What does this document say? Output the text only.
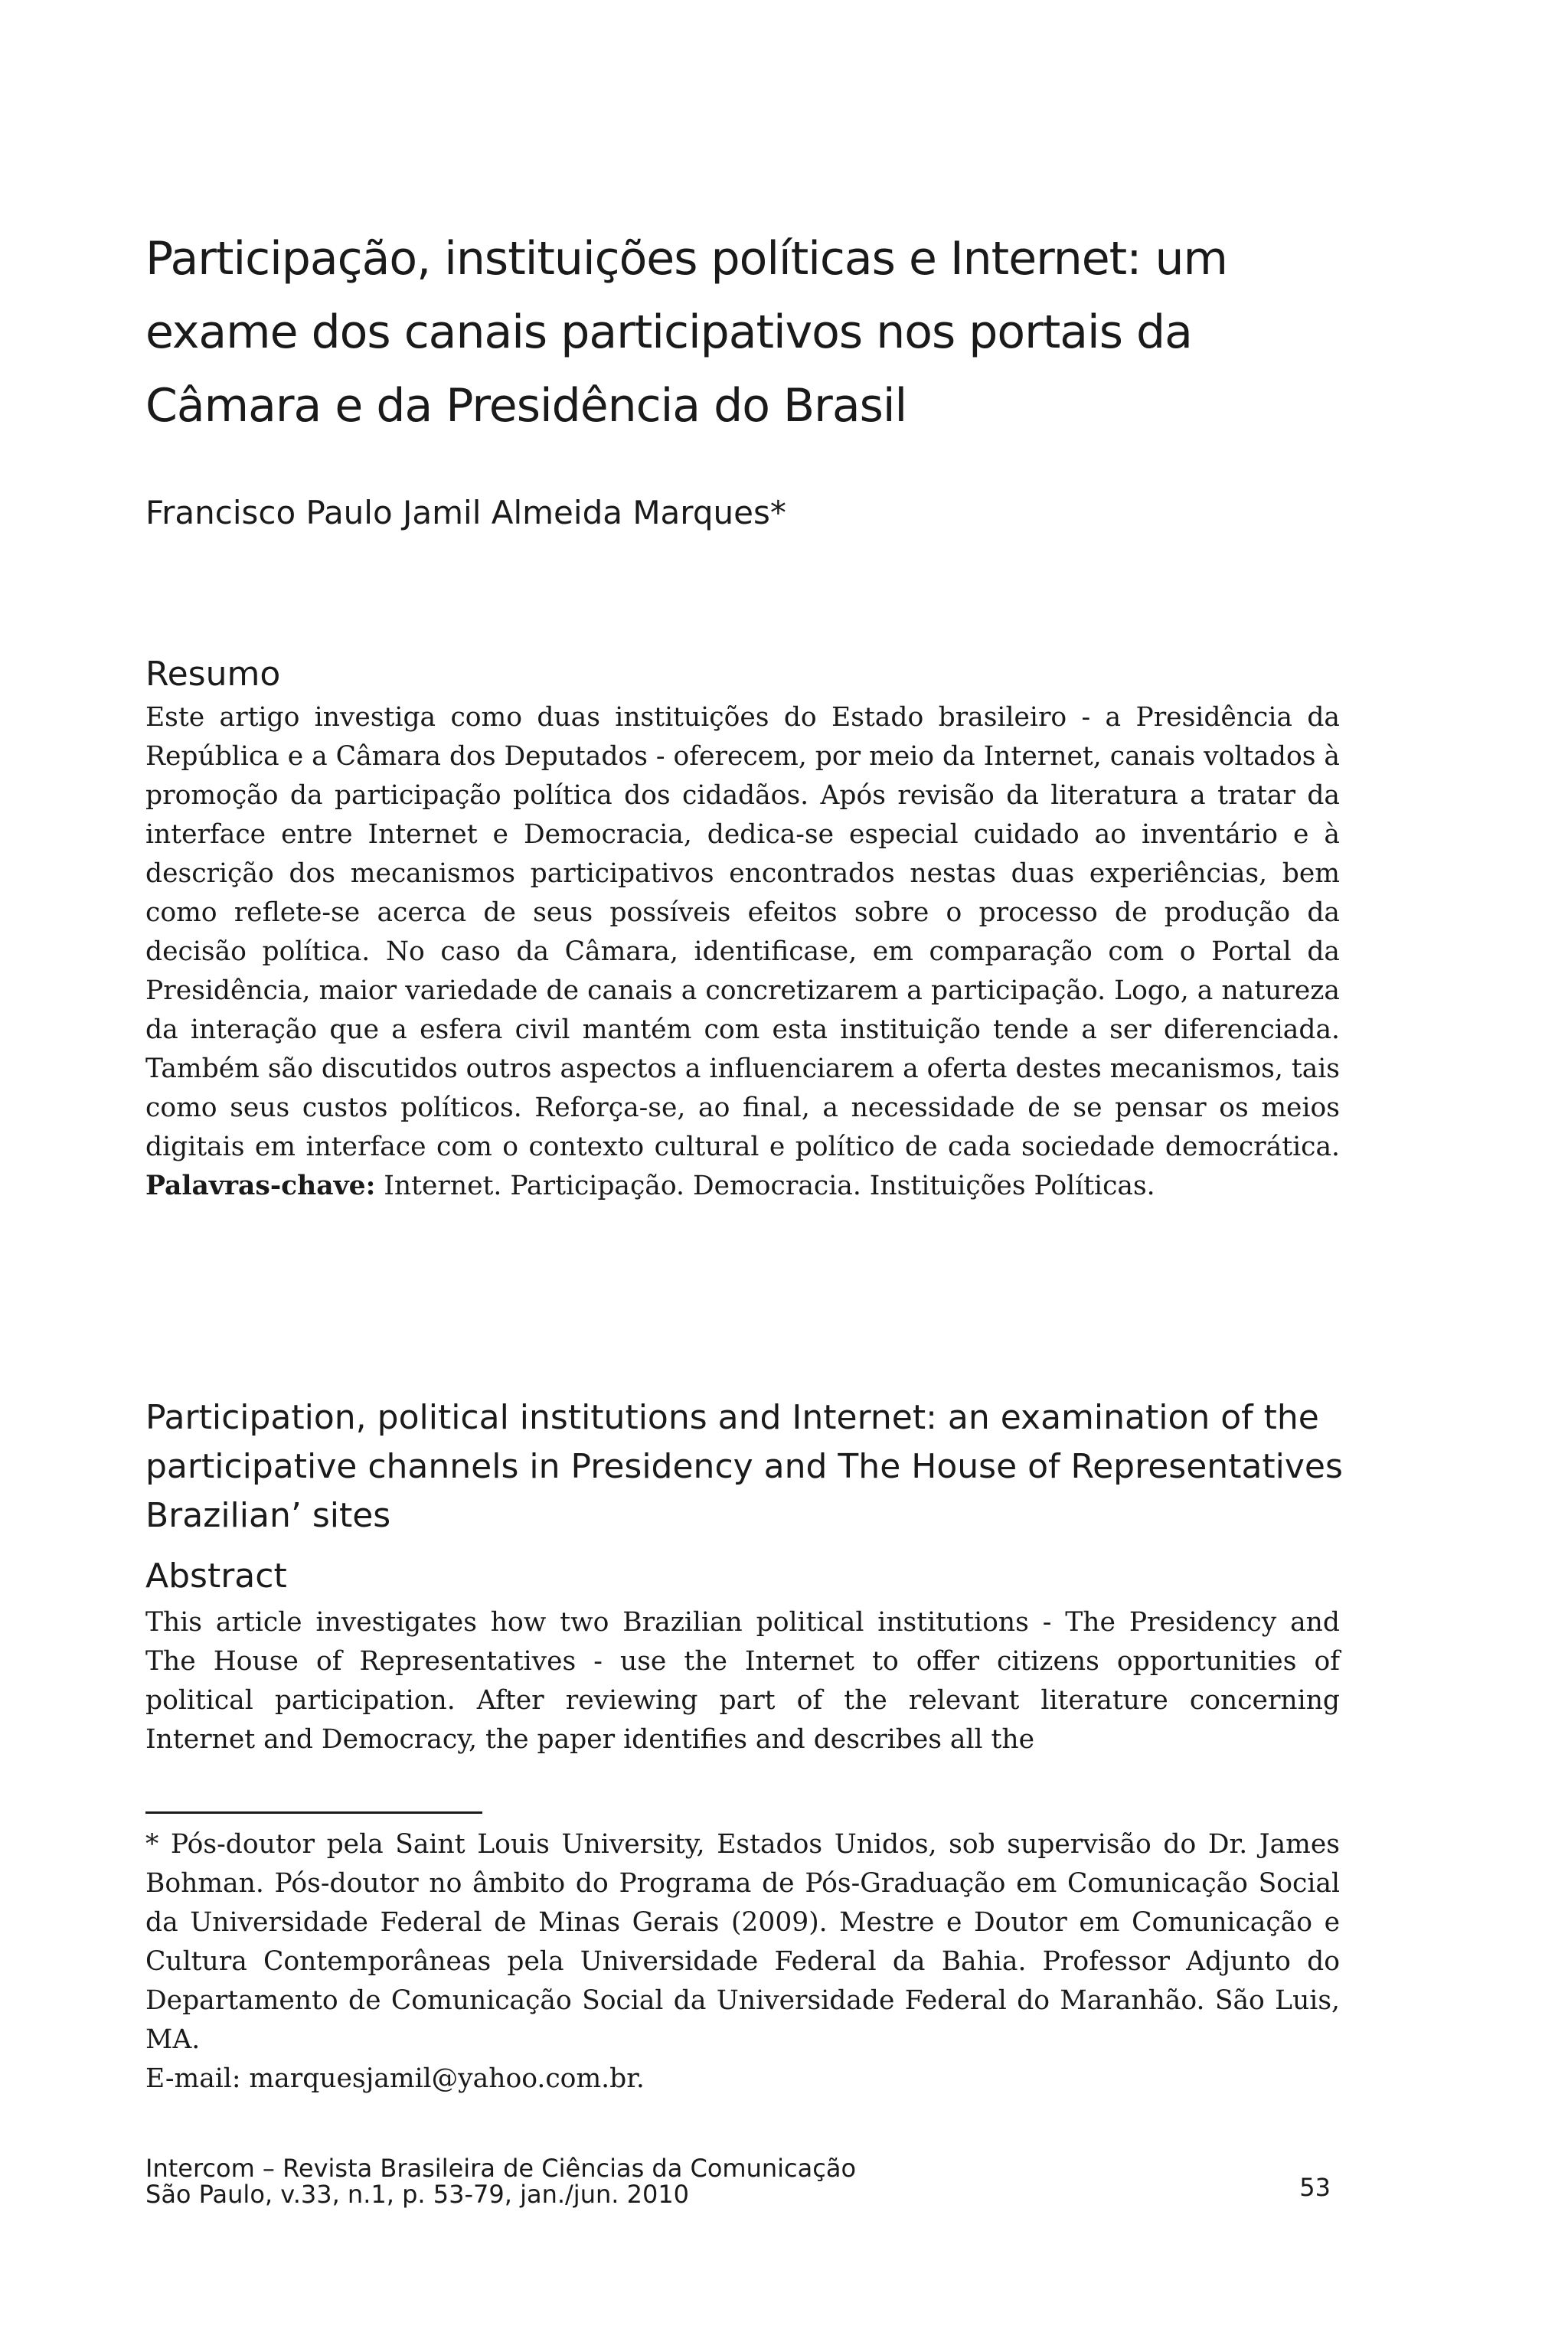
Participação, instituições políticas e Internet: um exame dos canais participativos nos portais da Câmara e da Presidência do Brasil
Francisco Paulo Jamil Almeida Marques*
Resumo

Este artigo investiga como duas instituições do Estado brasileiro - a Presidência da República e a Câmara dos Deputados - oferecem, por meio da Internet, canais voltados à promoção da participação política dos cidadãos. Após revisão da literatura a tratar da interface entre Internet e Democracia, dedica-se especial cuidado ao inventário e à descrição dos mecanismos participativos encontrados nestas duas experiências, bem como reflete-se acerca de seus possíveis efeitos sobre o processo de produção da decisão política. No caso da Câmara, identificase, em comparação com o Portal da Presidência, maior variedade de canais a concretizarem a participação. Logo, a natureza da interação que a esfera civil mantém com esta instituição tende a ser diferenciada. Também são discutidos outros aspectos a influenciarem a oferta destes mecanismos, tais como seus custos políticos. Reforça-se, ao final, a necessidade de se pensar os meios digitais em interface com o contexto cultural e político de cada sociedade democrática. Palavras-chave: Internet. Participação. Democracia. Instituições Políticas.

Participation, political institutions and Internet: an examination of the participative channels in Presidency and The House of Representatives Brazilian’ sites
Abstract

This article investigates how two Brazilian political institutions - The Presidency and The House of Representatives - use the Internet to offer citizens opportunities of political participation. After reviewing part of the relevant literature concerning Internet and Democracy, the paper identifies and describes all the

* Pós-doutor pela Saint Louis University, Estados Unidos, sob supervisão do Dr. James Bohman. Pós-doutor no âmbito do Programa de Pós-Graduação em Comunicação Social da Universidade Federal de Minas Gerais (2009). Mestre e Doutor em Comunicação e Cultura Contemporâneas pela Universidade Federal da Bahia. Professor Adjunto do Departamento de Comunicação Social da Universidade Federal do Maranhão. São Luis, MA.
E-mail: marquesjamil@yahoo.com.br.

Intercom – Revista Brasileira de Ciências da Comunicação
São Paulo, v.33, n.1, p. 53-79, jan./jun. 2010	53
